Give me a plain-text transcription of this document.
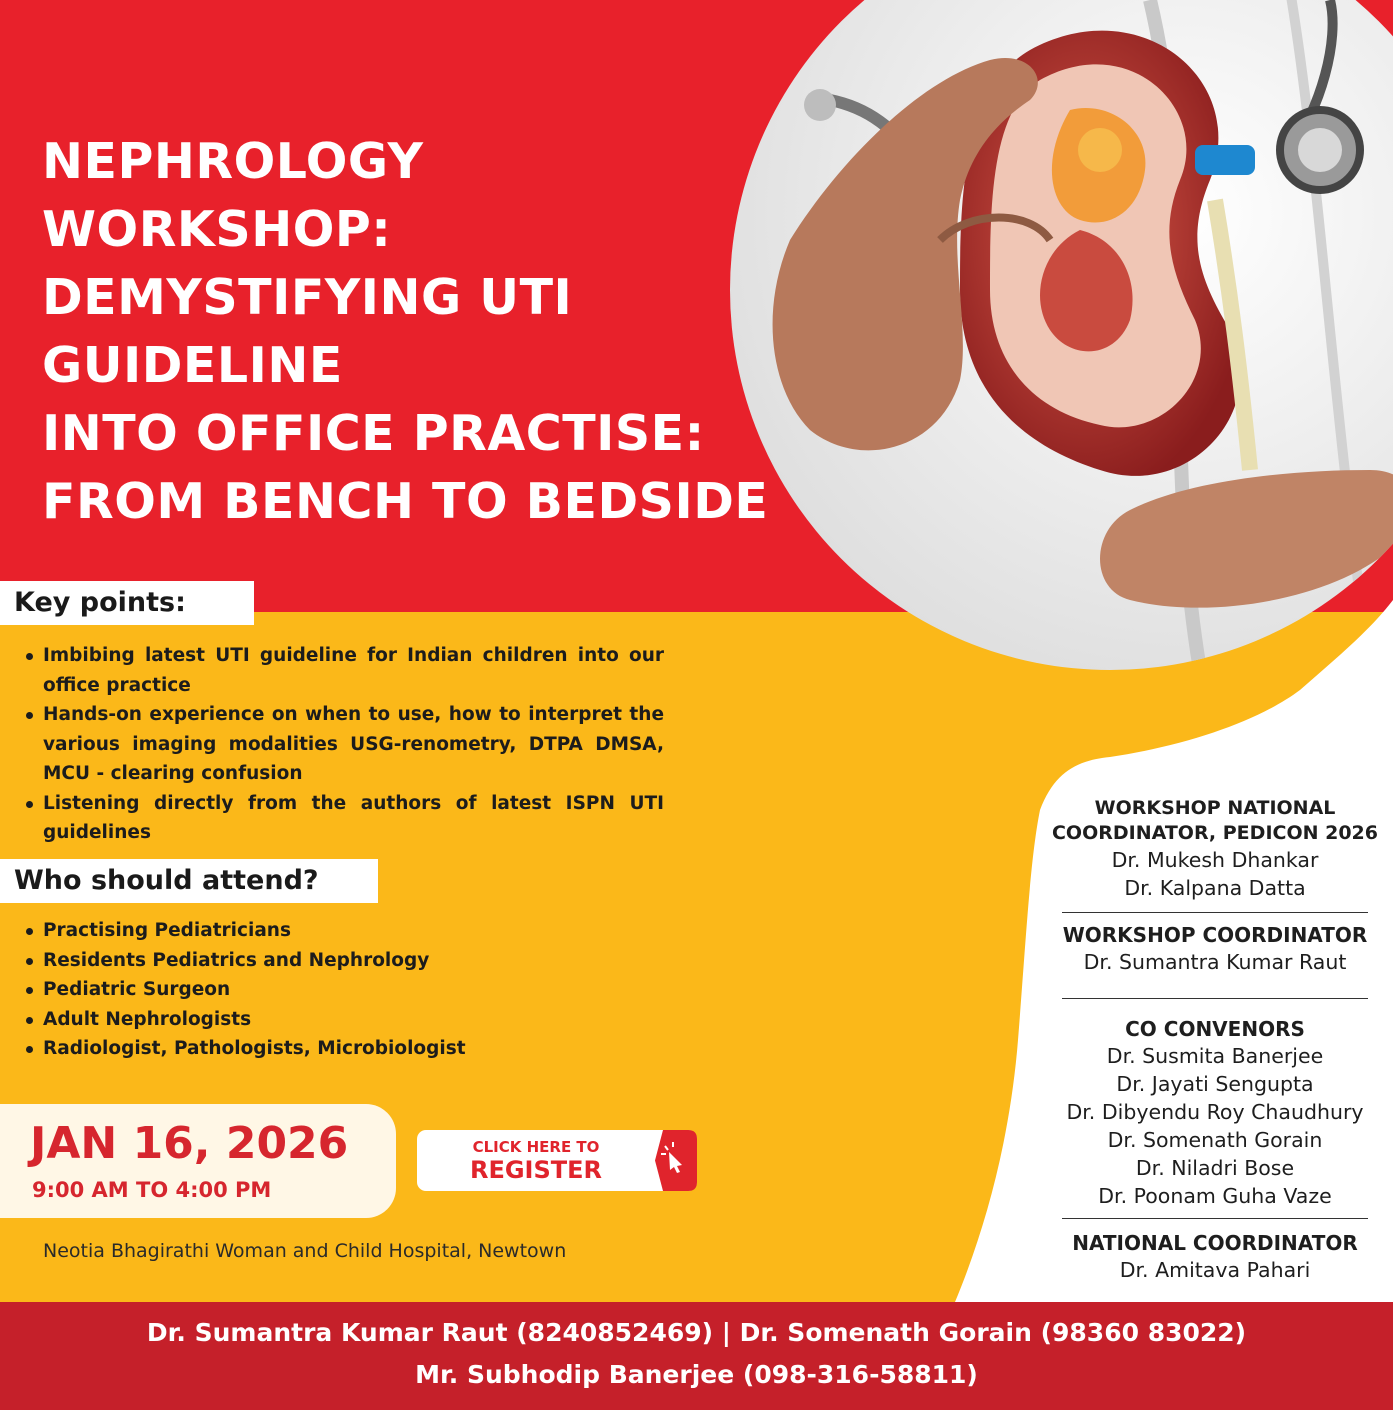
NEPHROLOGY
WORKSHOP:
DEMYSTIFYING UTI
GUIDELINE
INTO OFFICE PRACTISE:
FROM BENCH TO BEDSIDE
Key points:
Imbibing latest UTI guideline for Indian children into our office practice
Hands-on experience on when to use, how to interpret the various imaging modalities USG-renometry, DTPA DMSA, MCU - clearing confusion
Listening directly from the authors of latest ISPN UTI guidelines
Who should attend?
Practising Pediatricians
Residents Pediatrics and Nephrology
Pediatric Surgeon
Adult Nephrologists
Radiologist, Pathologists, Microbiologist
JAN 16, 2026
9:00 AM TO 4:00 PM
CLICK HERE TO
REGISTER
Neotia Bhagirathi Woman and Child Hospital, Newtown
WORKSHOP NATIONAL
COORDINATOR, PEDICON 2026
Dr. Mukesh Dhankar
Dr. Kalpana Datta
WORKSHOP COORDINATOR
Dr. Sumantra Kumar Raut
CO CONVENORS
Dr. Susmita Banerjee
Dr. Jayati Sengupta
Dr. Dibyendu Roy Chaudhury
Dr. Somenath Gorain
Dr. Niladri Bose
Dr. Poonam Guha Vaze
NATIONAL COORDINATOR
Dr. Amitava Pahari
Dr. Sumantra Kumar Raut (8240852469) | Dr. Somenath Gorain (98360 83022)
Mr. Subhodip Banerjee (098-316-58811)
